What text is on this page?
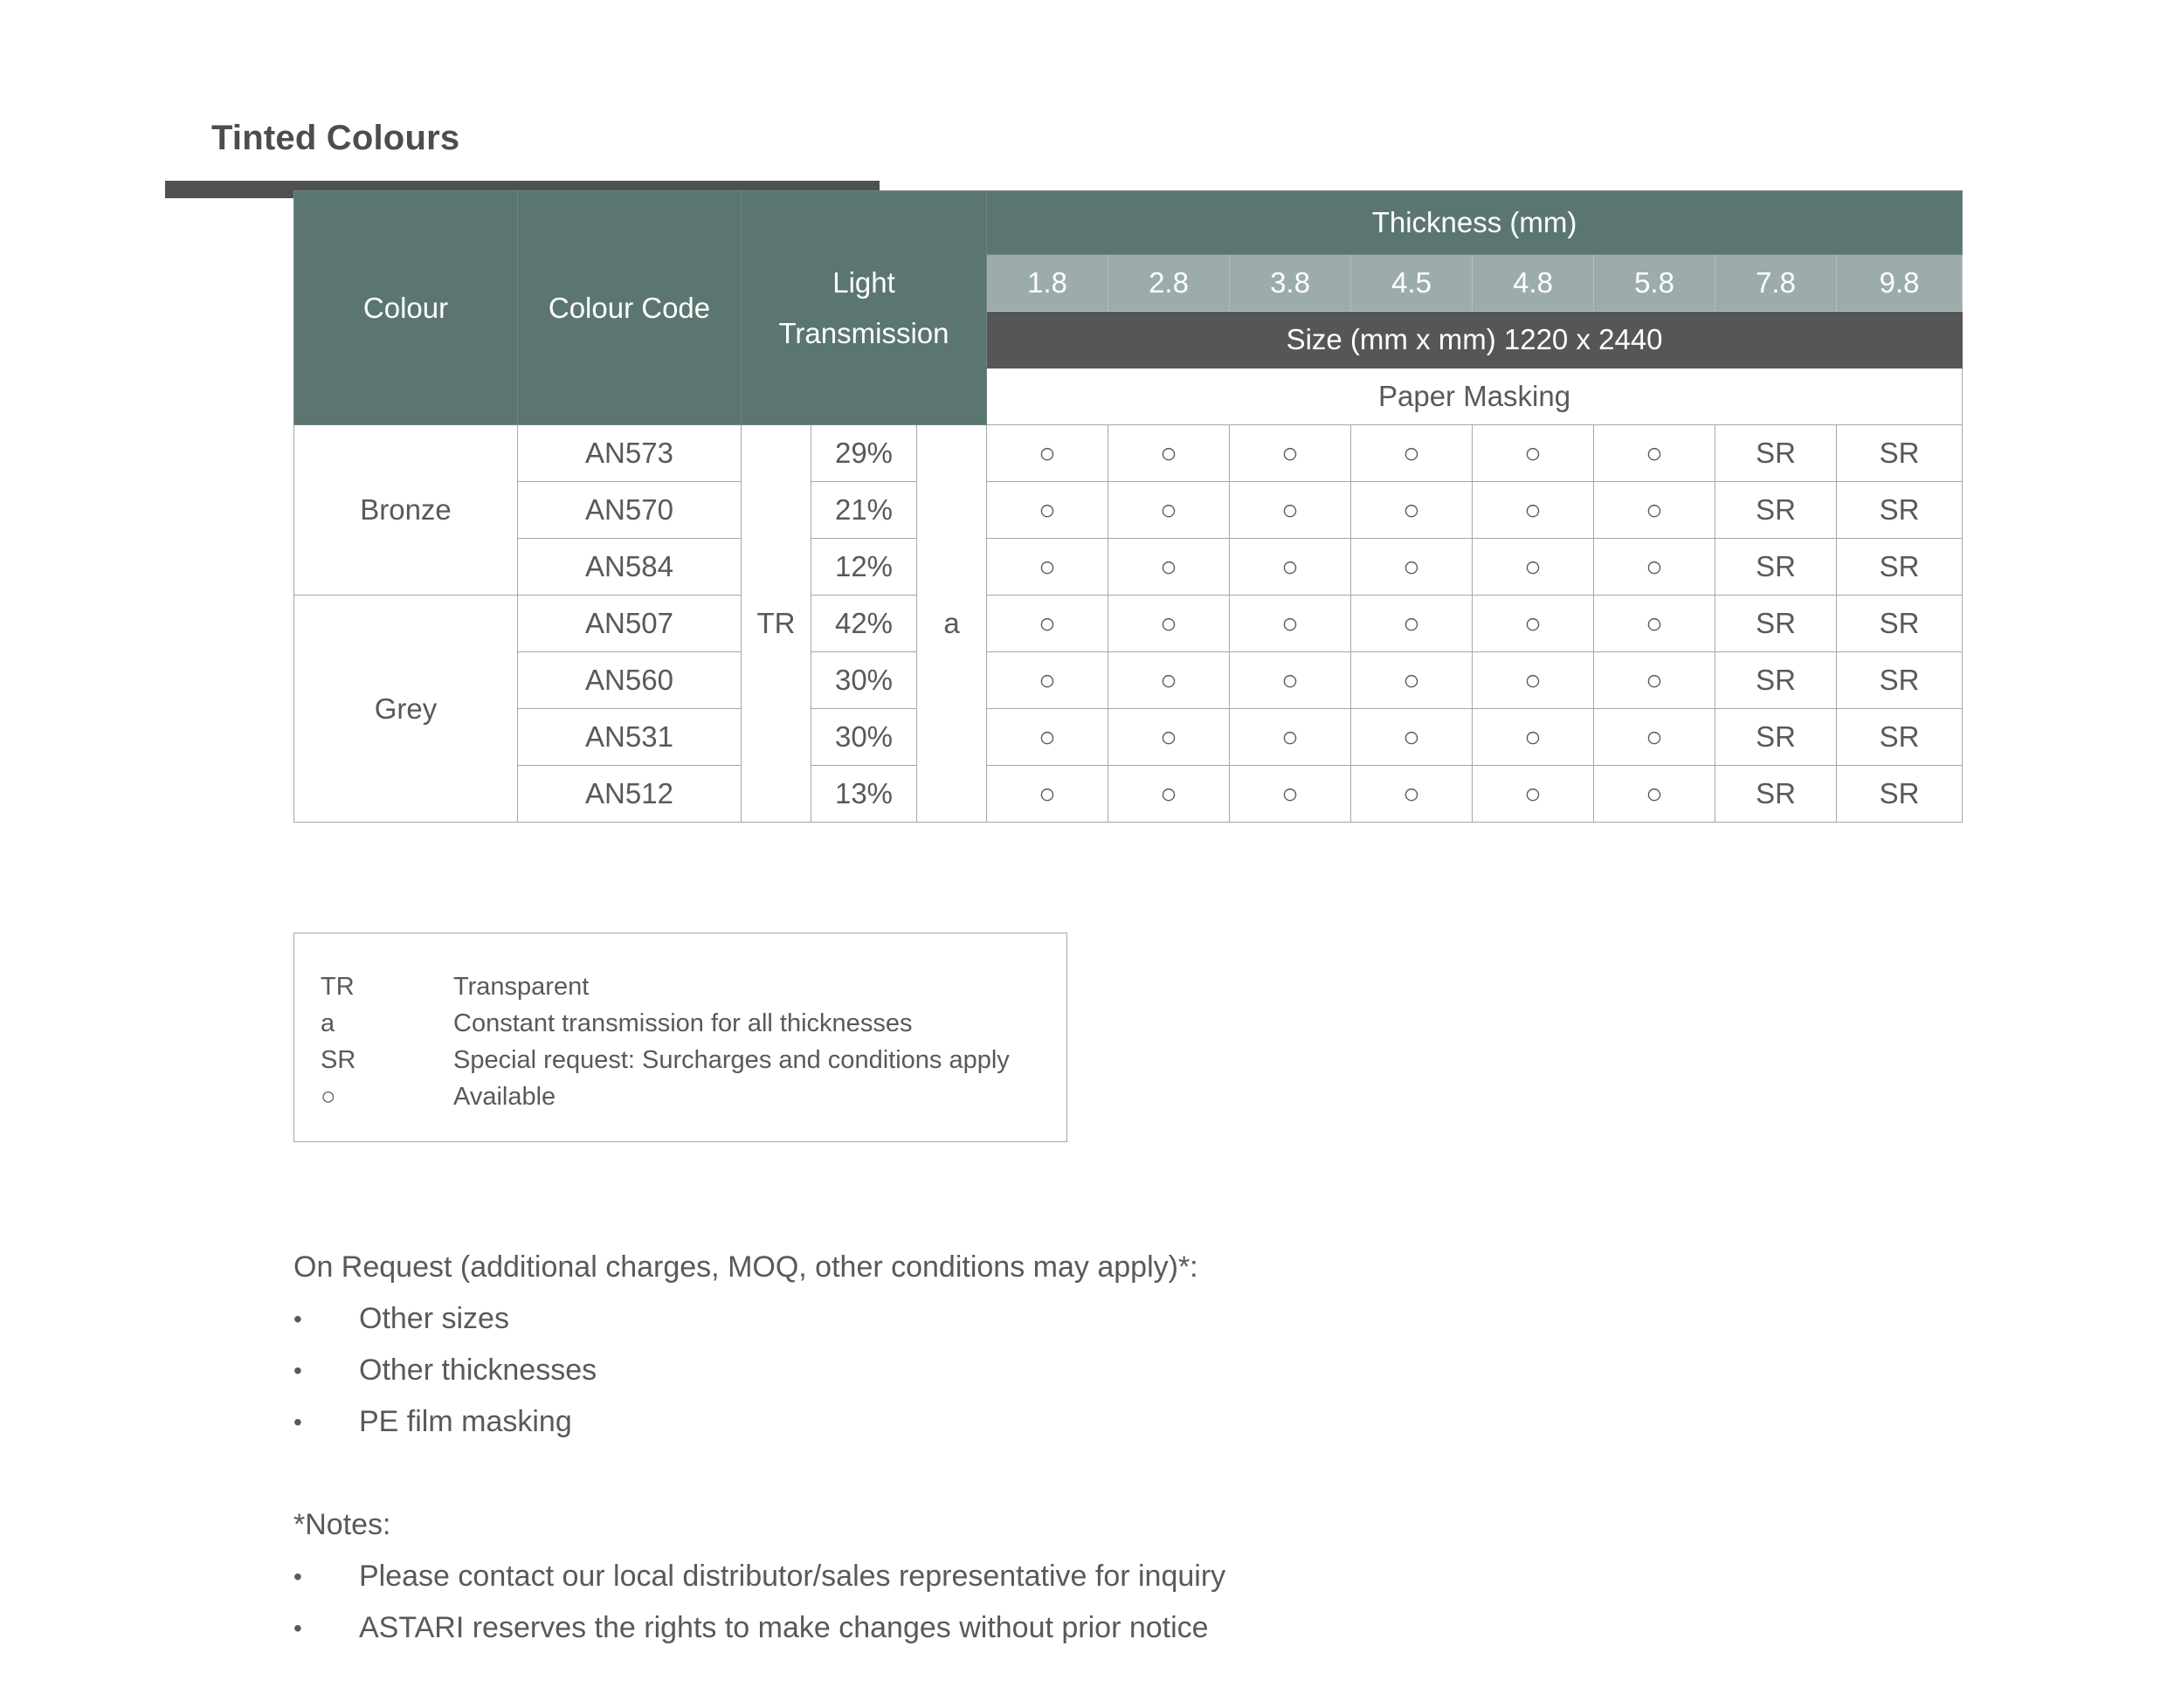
Tinted Colours
Colour	Colour Code	Light
Transmission			Thickness (mm)							
					1.8	2.8	3.8	4.5	4.8	5.8	7.8	9.8
					Size (mm x mm) 1220 x 2440							
					Paper Masking							
Bronze	AN573	TR	29%	a	○	○	○	○	○	○	SR	SR
	AN570		21%		○	○	○	○	○	○	SR	SR
	AN584		12%		○	○	○	○	○	○	SR	SR
Grey	AN507		42%		○	○	○	○	○	○	SR	SR
	AN560		30%		○	○	○	○	○	○	SR	SR
	AN531		30%		○	○	○	○	○	○	SR	SR
	AN512		13%		○	○	○	○	○	○	SR	SR
TR	Transparent
a	Constant transmission for all thicknesses
SR	Special request: Surcharges and conditions apply
○	Available
On Request (additional charges, MOQ, other conditions may apply)*:
•	Other sizes
•	Other thicknesses
•	PE film masking
*Notes:
•	Please contact our local distributor/sales representative for inquiry
•	ASTARI reserves the rights to make changes without prior notice
